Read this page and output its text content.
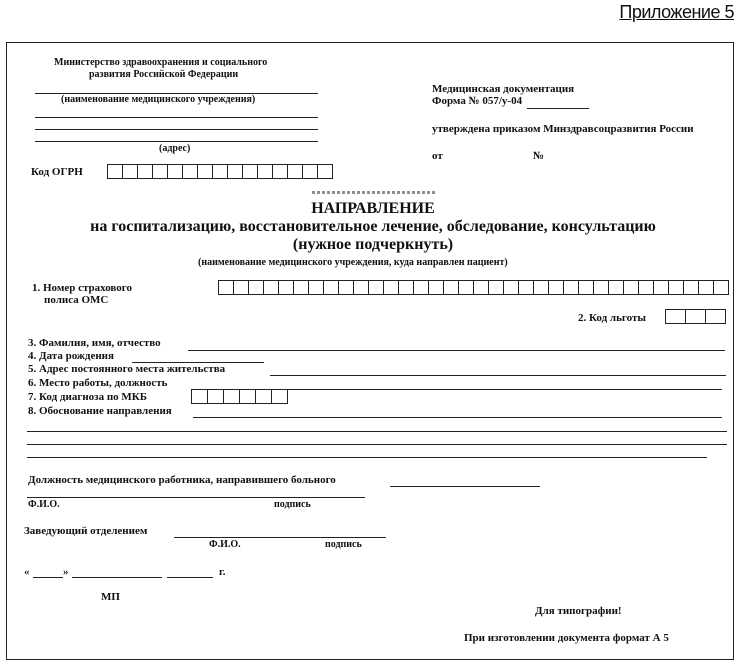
Приложение 5
Министерство здравоохранения и социального
развития Российской Федерации
(наименование медицинского учреждения)
(адрес)
Код ОГРН
Медицинская документация
Форма № 057/у-04
утверждена приказом Минздравсоцразвития России
от	№
НАПРАВЛЕНИЕ
на госпитализацию, восстановительное лечение, обследование, консультацию
(нужное подчеркнуть)
(наименование медицинского учреждения, куда направлен пациент)
1. Номер страхового
полиса ОМС
2. Код льготы
3. Фамилия, имя, отчество
4. Дата рождения
5. Адрес постоянного места жительства
6. Место работы, должность
7. Код диагноза по МКБ
8. Обоснование направления
Должность медицинского работника, направившего больного
Ф.И.О.	подпись
Заведующий отделением
Ф.И.О.	подпись
«	»	г.
МП
Для типографии!
При изготовлении документа формат А 5
